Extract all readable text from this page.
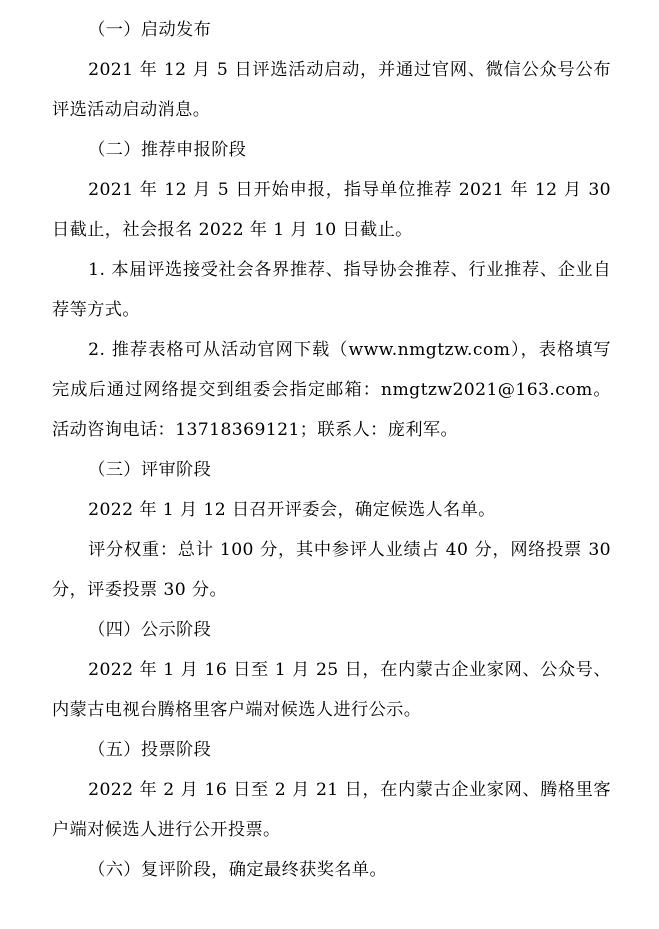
（一）启动发布

2021 年 12 月 5 日评选活动启动，并通过官网、微信公众号公布评选活动启动消息。

（二）推荐申报阶段

2021 年 12 月 5 日开始申报，指导单位推荐 2021 年 12 月 30 日截止，社会报名 2022 年 1 月 10 日截止。

1. 本届评选接受社会各界推荐、指导协会推荐、行业推荐、企业自荐等方式。

2. 推荐表格可从活动官网下载（www.nmgtzw.com），表格填写完成后通过网络提交到组委会指定邮箱：nmgtzw2021@163.com。活动咨询电话：13718369121；联系人：庞利军。

（三）评审阶段

2022 年 1 月 12 日召开评委会，确定候选人名单。

评分权重：总计 100 分，其中参评人业绩占 40 分，网络投票 30 分，评委投票 30 分。

（四）公示阶段

2022 年 1 月 16 日至 1 月 25 日，在内蒙古企业家网、公众号、内蒙古电视台腾格里客户端对候选人进行公示。

（五）投票阶段

2022 年 2 月 16 日至 2 月 21 日，在内蒙古企业家网、腾格里客户端对候选人进行公开投票。

（六）复评阶段，确定最终获奖名单。
